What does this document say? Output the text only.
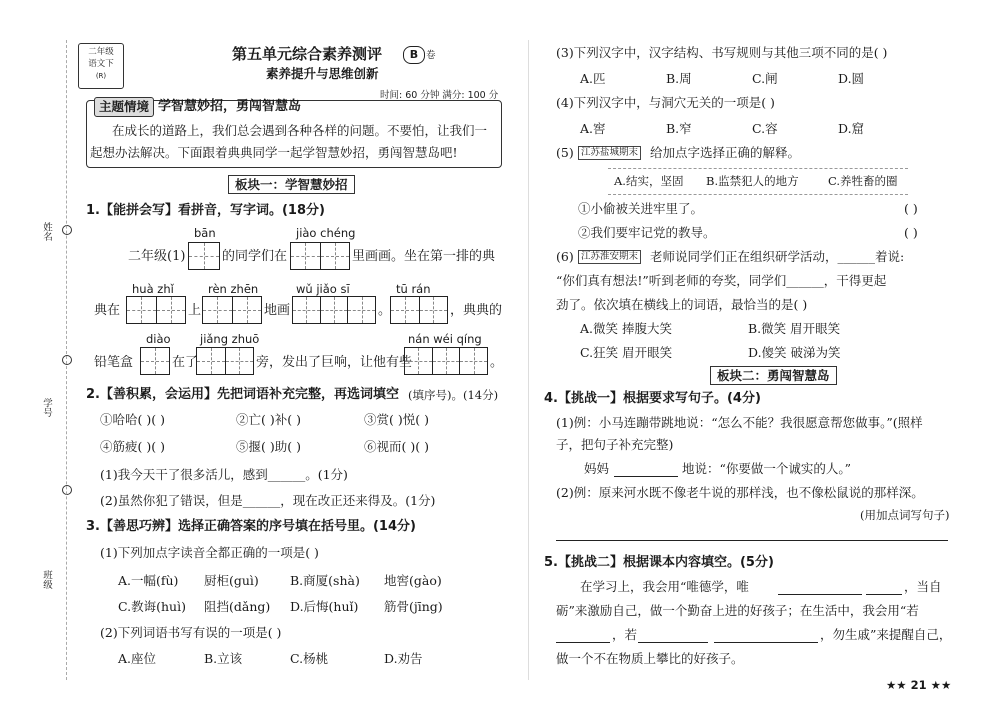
姓名
学号
班级
二年级
语文下
(R)
第五单元综合素养测评	B 卷
素养提升与思维创新
时间: 60 分钟 满分: 100 分
主题情境 学智慧妙招，勇闯智慧岛
在成长的道路上，我们总会遇到各种各样的问题。不要怕，让我们一
起想办法解决。下面跟着典典同学一起学智慧妙招，勇闯智慧岛吧!
板块一：学智慧妙招
1.【能拼会写】看拼音，写字词。(18分)
bān	jiào chéng
二年级(1)	的同学们在	里画画。坐在第一排的典
huà zhǐ	rèn zhēn	wǔ jiǎo sī	tū rán
典在	上	地画	。	，典典的
diào	jiǎng zhuō	nán wéi qíng
铅笔盒	在了	旁，发出了巨响，让他有些	。
2.【善积累，会运用】先把词语补充完整，再选词填空 (填序号)。(14分)
①哈哈( )( )	②亡( )补( )	③赏( )悦( )
④筋疲( )( )	⑤揠( )助( )	⑥视而( )( )
(1)我今天干了很多活儿，感到______。(1分)
(2)虽然你犯了错误，但是______，现在改正还来得及。(1分)
3.【善思巧辨】选择正确答案的序号填在括号里。(14分)
(1)下列加点字读音全都正确的一项是( )
A.一幅(fù) 厨柜(guì) B.商厦(shà) 地窖(gào)
C.教诲(huì) 阻挡(dǎng) D.后悔(huǐ) 筋骨(jīng)
(2)下列词语书写有误的一项是( )
A.座位	B.立该	C.杨桃	D.劝告
(3)下列汉字中，汉字结构、书写规则与其他三项不同的是( )
A.匹	B.周	C.闸	D.圆
(4)下列汉字中，与洞穴无关的一项是( )
A.窖	B.窄	C.容	D.窟
(5) 江苏盐城期末 给加点字选择正确的解释。
A.结实，坚固 B.监禁犯人的地方	C.养牲畜的圈
①小偷被关进牢里了。	( )
②我们要牢记党的教导。	( )
(6) 江苏淮安期末 老师说同学们正在组织研学活动，______着说:
“你们真有想法!”听到老师的夸奖，同学们______，干得更起
劲了。依次填在横线上的词语，最恰当的是( )
A.微笑 捧腹大笑	B.微笑 眉开眼笑
C.狂笑 眉开眼笑	D.傻笑 破涕为笑
板块二：勇闯智慧岛
4.【挑战一】根据要求写句子。(4分)
(1)例：小马连蹦带跳地说：“怎么不能？我很愿意帮您做事。”(照样
子，把句子补充完整)
妈妈	地说：“你要做一个诚实的人。”
(2)例：原来河水既不像老牛说的那样浅，也不像松鼠说的那样深。
(用加点词写句子)
5.【挑战二】根据课本内容填空。(5分)
在学习上，我会用“唯德学，唯	，当自
砺”来激励自己，做一个勤奋上进的好孩子；在生活中，我会用“若
，若	，勿生戚”来提醒自己，
做一个不在物质上攀比的好孩子。
★★ 21 ★★
